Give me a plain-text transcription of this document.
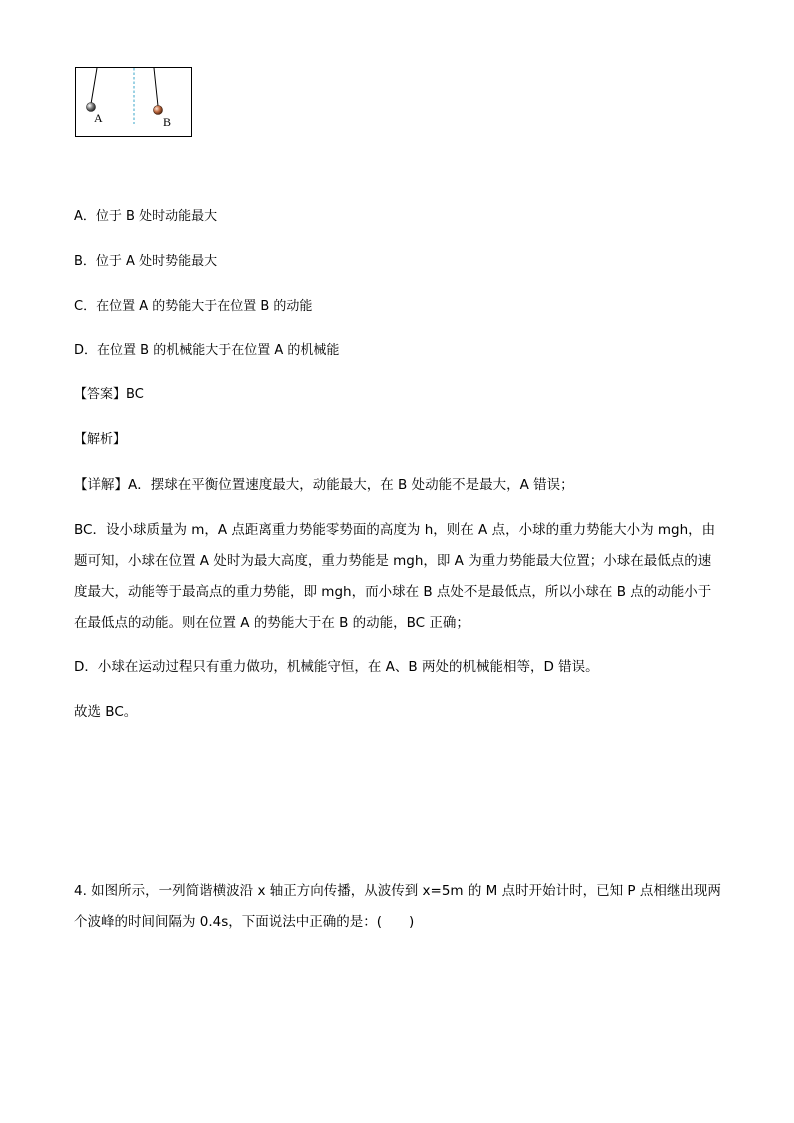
A	B
A．位于 B 处时动能最大
B．位于 A 处时势能最大
C．在位置 A 的势能大于在位置 B 的动能
D．在位置 B 的机械能大于在位置 A 的机械能
【答案】BC
【解析】
【详解】A．摆球在平衡位置速度最大，动能最大，在 B 处动能不是最大，A 错误；
BC．设小球质量为 m，A 点距离重力势能零势面的高度为 h，则在 A 点，小球的重力势能大小为 mgh，由
题可知，小球在位置 A 处时为最大高度，重力势能是 mgh，即 A 为重力势能最大位置；小球在最低点的速
度最大，动能等于最高点的重力势能，即 mgh，而小球在 B 点处不是最低点，所以小球在 B 点的动能小于
在最低点的动能。则在位置 A 的势能大于在 B 的动能，BC 正确；
D．小球在运动过程只有重力做功，机械能守恒，在 A、B 两处的机械能相等，D 错误。
故选 BC。
4. 如图所示，一列简谐横波沿 x 轴正方向传播，从波传到 x=5m 的 M 点时开始计时，已知 P 点相继出现两
个波峰的时间间隔为 0.4s，下面说法中正确的是：(　　)
